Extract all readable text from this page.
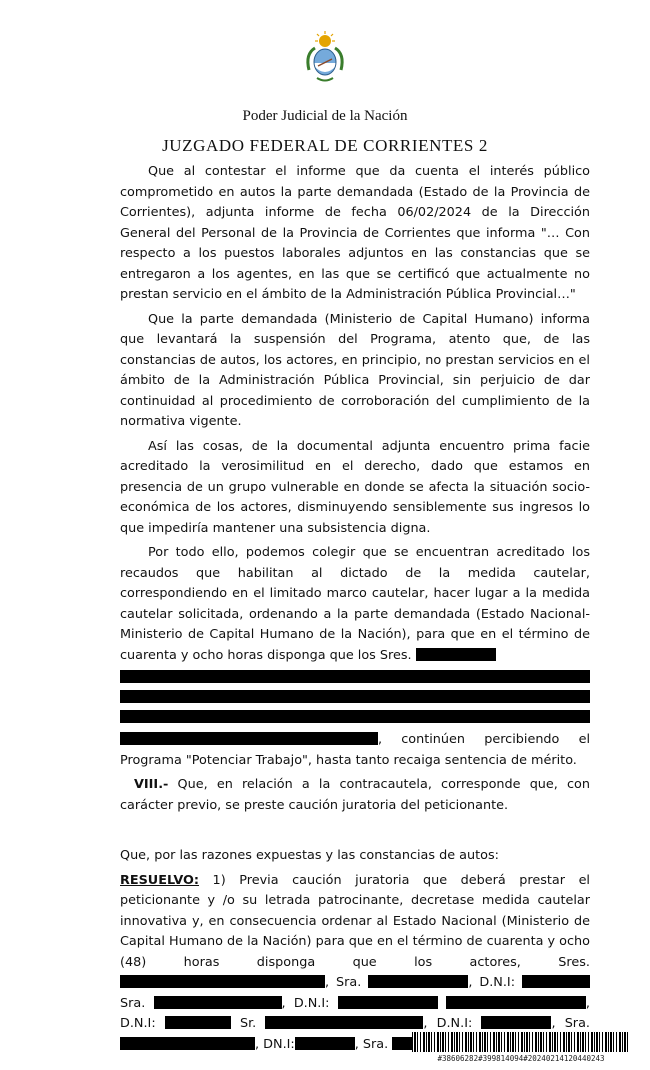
Poder Judicial de la Nación
JUZGADO FEDERAL DE CORRIENTES 2

Que al contestar el informe que da cuenta el interés público comprometido en autos la parte demandada (Estado de la Provincia de Corrientes), adjunta informe de fecha 06/02/2024 de la Dirección General del Personal de la Provincia de Corrientes que informa "… Con respecto a los puestos laborales adjuntos en las constancias que se entregaron a los agentes, en las que se certificó que actualmente no prestan servicio en el ámbito de la Administración Pública Provincial…"

Que la parte demandada (Ministerio de Capital Humano) informa que levantará la suspensión del Programa, atento que, de las constancias de autos, los actores, en principio, no prestan servicios en el ámbito de la Administración Pública Provincial, sin perjuicio de dar continuidad al procedimiento de corroboración del cumplimiento de la normativa vigente.

Así las cosas, de la documental adjunta encuentro prima facie acreditado la verosimilitud en el derecho, dado que estamos en presencia de un grupo vulnerable en donde se afecta la situación socio-económica de los actores, disminuyendo sensiblemente sus ingresos lo que impediría mantener una subsistencia digna.

Por todo ello, podemos colegir que se encuentran acreditado los recaudos que habilitan al dictado de la medida cautelar, correspondiendo en el limitado marco cautelar, hacer lugar a la medida cautelar solicitada, ordenando a la parte demandada (Estado Nacional- Ministerio de Capital Humano de la Nación), para que en el término de cuarenta y ocho horas disponga que los Sres.

, continúen percibiendo el Programa "Potenciar Trabajo", hasta tanto recaiga sentencia de mérito.

VIII.- Que, en relación a la contracautela, corresponde que, con carácter previo, se preste caución juratoria del peticionante.

Que, por las razones expuestas y las constancias de autos:

RESUELVO: 1) Previa caución juratoria que deberá prestar el peticionante y /o su letrada patrocinante, decretase medida cautelar innovativa y, en consecuencia ordenar al Estado Nacional (Ministerio de Capital Humano de la Nación) para que en el término de cuarenta y ocho (48) horas disponga que los actores, Sres. , Sra.	, D.N.I:  Sra.	, D.N.I:	, D.N.I:	Sr.	, D.N.I:	, Sra. , DN.I:	, Sra.

#38606282#399814094#20240214120440243
